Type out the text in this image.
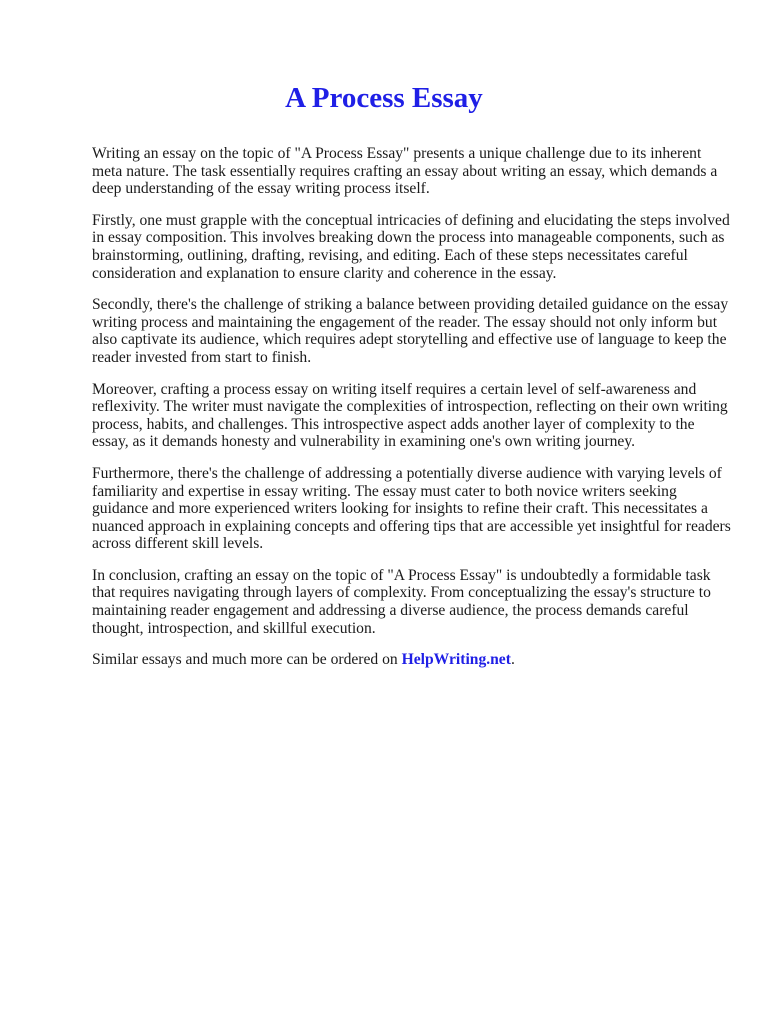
A Process Essay

Writing an essay on the topic of "A Process Essay" presents a unique challenge due to its inherent meta nature. The task essentially requires crafting an essay about writing an essay, which demands a deep understanding of the essay writing process itself.

Firstly, one must grapple with the conceptual intricacies of defining and elucidating the steps involved in essay composition. This involves breaking down the process into manageable components, such as brainstorming, outlining, drafting, revising, and editing. Each of these steps necessitates careful consideration and explanation to ensure clarity and coherence in the essay.

Secondly, there's the challenge of striking a balance between providing detailed guidance on the essay writing process and maintaining the engagement of the reader. The essay should not only inform but also captivate its audience, which requires adept storytelling and effective use of language to keep the reader invested from start to finish.

Moreover, crafting a process essay on writing itself requires a certain level of self-awareness and reflexivity. The writer must navigate the complexities of introspection, reflecting on their own writing process, habits, and challenges. This introspective aspect adds another layer of complexity to the essay, as it demands honesty and vulnerability in examining one's own writing journey.

Furthermore, there's the challenge of addressing a potentially diverse audience with varying levels of familiarity and expertise in essay writing. The essay must cater to both novice writers seeking guidance and more experienced writers looking for insights to refine their craft. This necessitates a nuanced approach in explaining concepts and offering tips that are accessible yet insightful for readers across different skill levels.

In conclusion, crafting an essay on the topic of "A Process Essay" is undoubtedly a formidable task that requires navigating through layers of complexity. From conceptualizing the essay's structure to maintaining reader engagement and addressing a diverse audience, the process demands careful thought, introspection, and skillful execution.

Similar essays and much more can be ordered on HelpWriting.net.
